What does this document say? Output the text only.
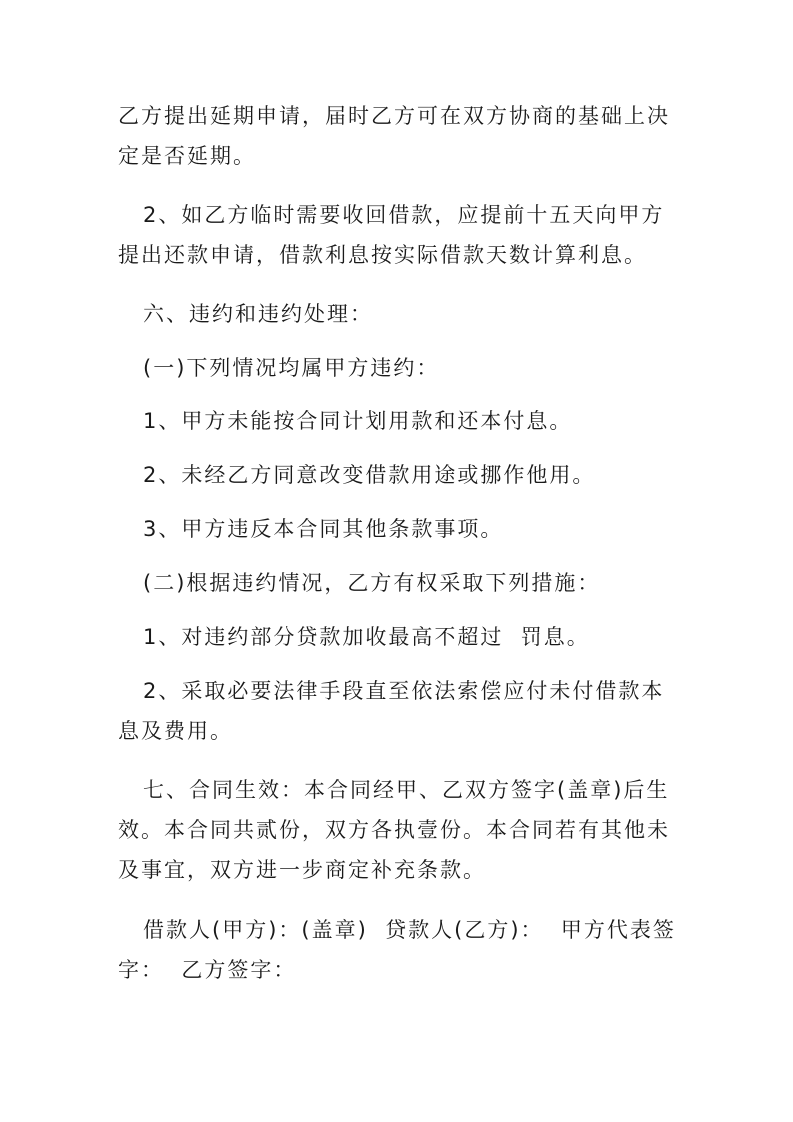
乙方提出延期申请，届时乙方可在双方协商的基础上决定是否延期。

2、如乙方临时需要收回借款，应提前十五天向甲方提出还款申请，借款利息按实际借款天数计算利息。

六、违约和违约处理：

(一)下列情况均属甲方违约：

1、甲方未能按合同计划用款和还本付息。

2、未经乙方同意改变借款用途或挪作他用。

3、甲方违反本合同其他条款事项。

(二)根据违约情况，乙方有权采取下列措施：

1、对违约部分贷款加收最高不超过  罚息。

2、采取必要法律手段直至依法索偿应付未付借款本息及费用。

七、合同生效：本合同经甲、乙双方签字(盖章)后生效。本合同共贰份，双方各执壹份。本合同若有其他未及事宜，双方进一步商定补充条款。

借款人(甲方)：(盖章)  贷款人(乙方)：  甲方代表签字：  乙方签字：
